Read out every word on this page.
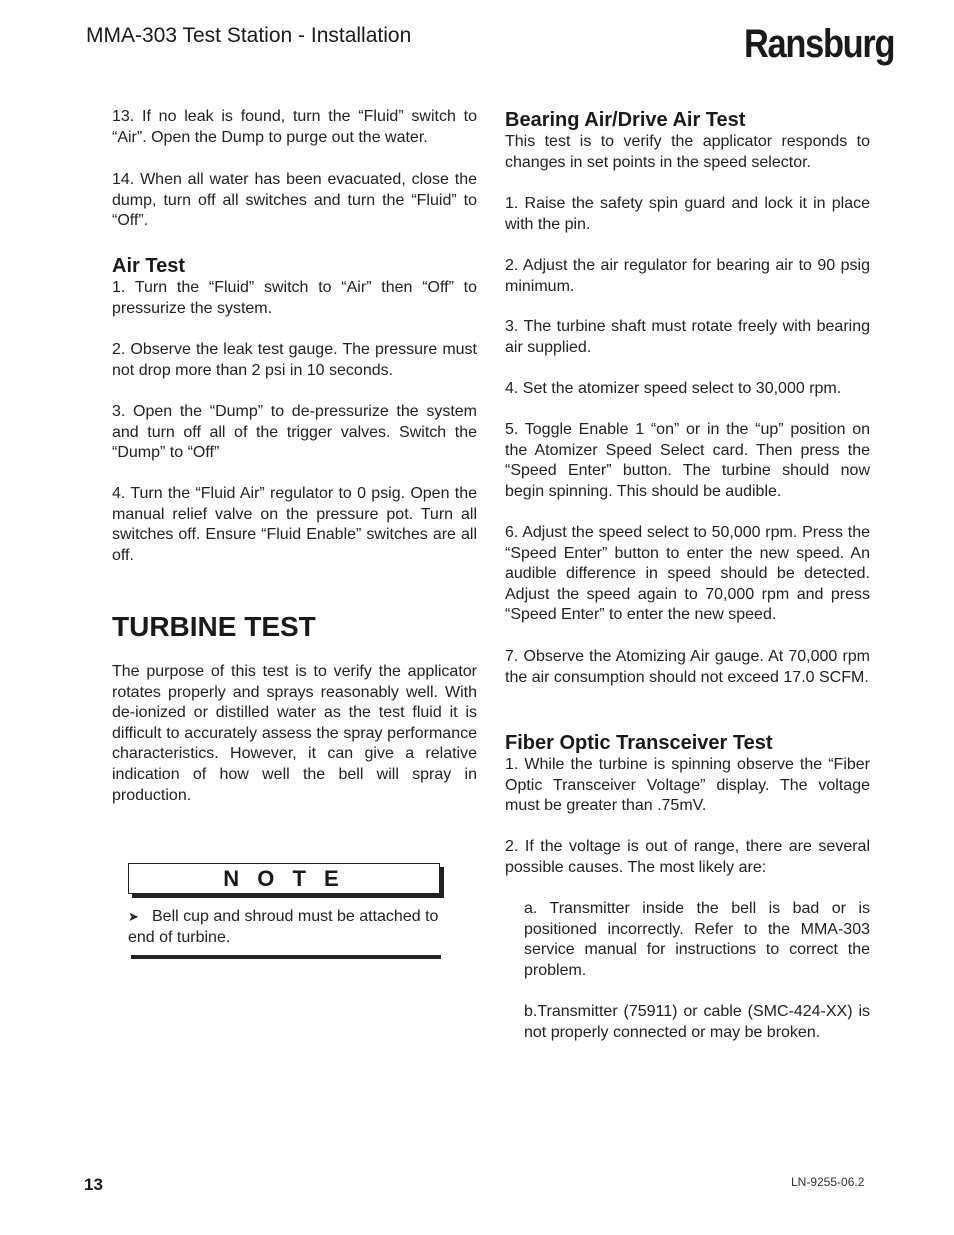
MMA-303 Test Station - Installation	Ransburg

13. If no leak is found, turn the “Fluid” switch to “Air”. Open the Dump to purge out the water.

14. When all water has been evacuated, close the dump, turn off all switches and turn the “Fluid” to “Off”.

Air Test

1. Turn the “Fluid” switch to “Air” then “Off” to pressurize the system.

2. Observe the leak test gauge. The pressure must not drop more than 2 psi in 10 seconds.

3. Open the “Dump” to de-pressurize the system and turn off all of the trigger valves. Switch the “Dump” to “Off”

4. Turn the “Fluid Air” regulator to 0 psig. Open the manual relief valve on the pressure pot. Turn all switches off. Ensure “Fluid Enable” switches are all off.

TURBINE TEST

The purpose of this test is to verify the applicator rotates properly and sprays reasonably well. With de-ionized or distilled water as the test fluid it is difficult to accurately assess the spray performance characteristics. However, it can give a relative indication of how well the bell will spray in production.

N O T E
➤ Bell cup and shroud must be attached to end of turbine.
Bearing Air/Drive Air Test

This test is to verify the applicator responds to changes in set points in the speed selector.

1. Raise the safety spin guard and lock it in place with the pin.

2. Adjust the air regulator for bearing air to 90 psig minimum.

3. The turbine shaft must rotate freely with bearing air supplied.

4. Set the atomizer speed select to 30,000 rpm.

5. Toggle Enable 1 “on” or in the “up” position on the Atomizer Speed Select card. Then press the “Speed Enter” button. The turbine should now begin spinning. This should be audible.

6. Adjust the speed select to 50,000 rpm. Press the “Speed Enter” button to enter the new speed. An audible difference in speed should be detected. Adjust the speed again to 70,000 rpm and press “Speed Enter” to enter the new speed.

7. Observe the Atomizing Air gauge. At 70,000 rpm the air consumption should not exceed 17.0 SCFM.

Fiber Optic Transceiver Test

1. While the turbine is spinning observe the “Fiber Optic Transceiver Voltage” display. The voltage must be greater than .75mV.

2. If the voltage is out of range, there are several possible causes. The most likely are:

a. Transmitter inside the bell is bad or is positioned incorrectly. Refer to the MMA-303 service manual for instructions to correct the problem.

b.Transmitter (75911) or cable (SMC-424-XX) is not properly connected or may be broken.

13	LN-9255-06.2
